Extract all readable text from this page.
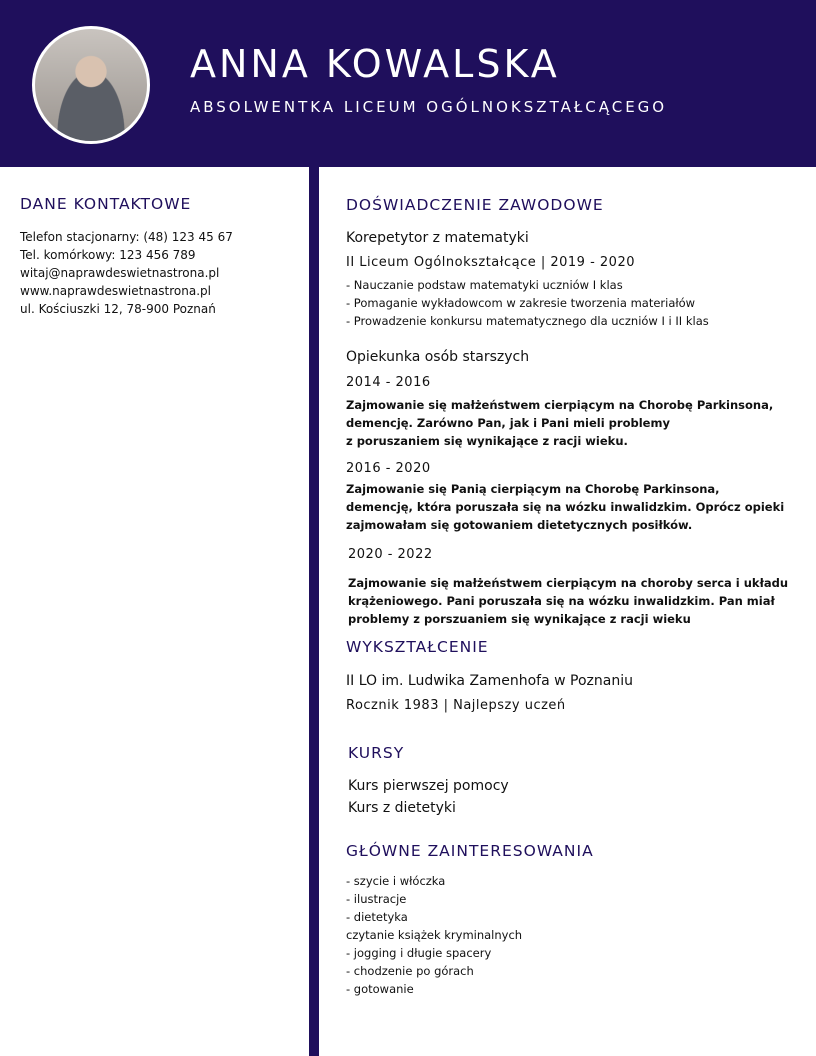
ANNA KOWALSKA
ABSOLWENTKA LICEUM OGÓLNOKSZTAŁCĄCEGO
DANE KONTAKTOWE
Telefon stacjonarny: (48) 123 45 67
Tel. komórkowy: 123 456 789
witaj@naprawdeswietnastrona.pl
www.naprawdeswietnastrona.pl
ul. Kościuszki 12, 78-900 Poznań
DOŚWIADCZENIE ZAWODOWE
Korepetytor z matematyki
II Liceum Ogólnokształcące | 2019 - 2020
- Nauczanie podstaw matematyki uczniów I klas
- Pomaganie wykładowcom w zakresie tworzenia materiałów
- Prowadzenie konkursu matematycznego dla uczniów I i II klas
Opiekunka osób starszych
2014 - 2016
Zajmowanie się małżeństwem cierpiącym na Chorobę Parkinsona,
demencję. Zarówno Pan, jak i Pani mieli problemy
z poruszaniem się wynikające z racji wieku.
2016 - 2020
Zajmowanie się Panią cierpiącym na Chorobę Parkinsona,
demencję, która poruszała się na wózku inwalidzkim. Oprócz opieki
zajmowałam się gotowaniem dietetycznych posiłków.
2020 - 2022
Zajmowanie się małżeństwem cierpiącym na choroby serca i układu
krążeniowego. Pani poruszała się na wózku inwalidzkim. Pan miał
problemy z porszuaniem się wynikające z racji wieku
WYKSZTAŁCENIE
II LO im. Ludwika Zamenhofa w Poznaniu
Rocznik 1983 | Najlepszy uczeń
KURSY
Kurs pierwszej pomocy
Kurs z dietetyki
GŁÓWNE ZAINTERESOWANIA
- szycie i włóczka
- ilustracje
- dietetyka
czytanie książek kryminalnych
- jogging i długie spacery
- chodzenie po górach
- gotowanie
